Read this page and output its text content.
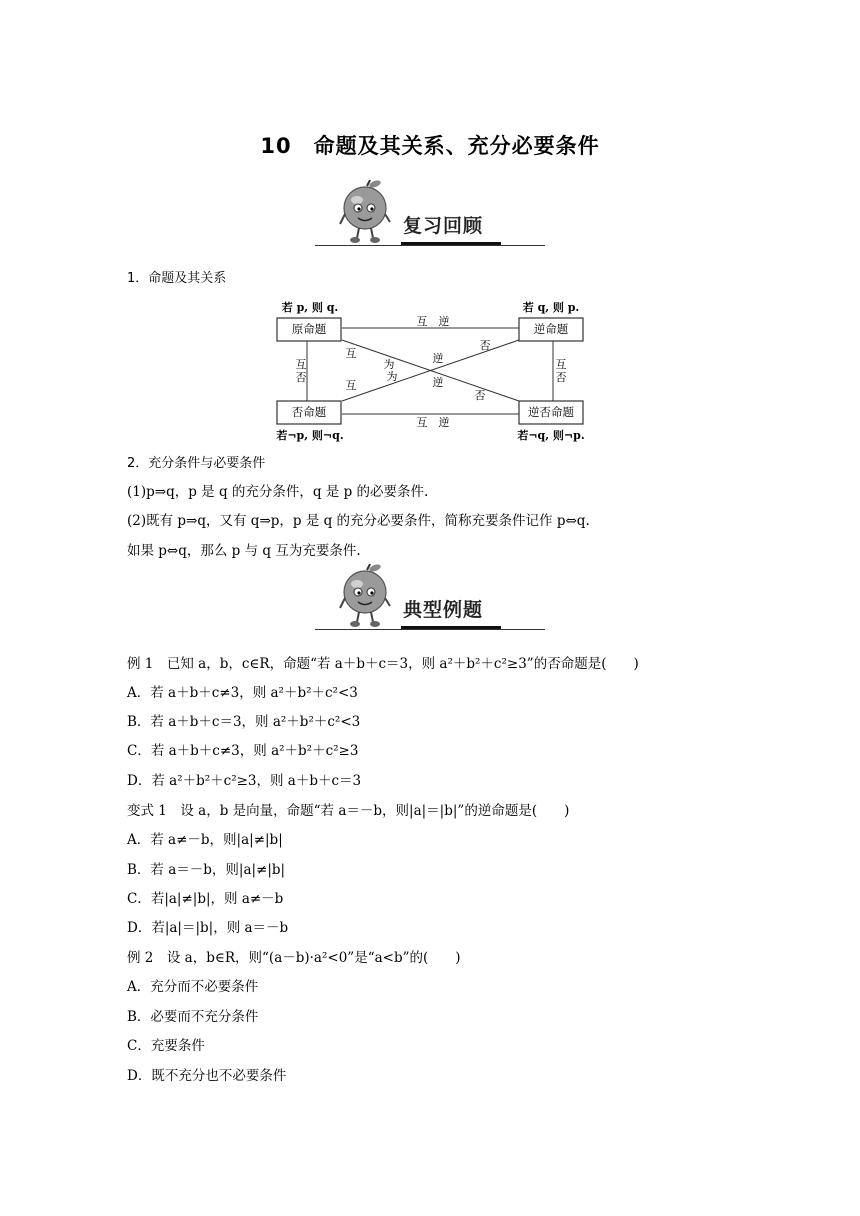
10　命题及其关系、充分必要条件
复习回顾
1．命题及其关系
若 p, 则 q.	若 q, 则 p.
若¬p, 则¬q.	若¬q, 则¬p.
原命题	逆命题
否命题	逆否命题
互　逆
互　逆
互
否
互
否
互
互
为
为
逆
逆
否
否
2．充分条件与必要条件
(1)p⇒q，p 是 q 的充分条件，q 是 p 的必要条件.
(2)既有 p⇒q，又有 q⇒p，p 是 q 的充分必要条件，简称充要条件记作 p⇔q.
如果 p⇔q，那么 p 与 q 互为充要条件.
典型例题
例 1　已知 a，b，c∈R，命题“若 a＋b＋c＝3，则 a²＋b²＋c²≥3”的否命题是(　　)
A．若 a＋b＋c≠3，则 a²＋b²＋c²<3
B．若 a＋b＋c＝3，则 a²＋b²＋c²<3
C．若 a＋b＋c≠3，则 a²＋b²＋c²≥3
D．若 a²＋b²＋c²≥3，则 a＋b＋c＝3
变式 1　设 a，b 是向量，命题“若 a＝－b，则|a|＝|b|”的逆命题是(　　)
A．若 a≠－b，则|a|≠|b|
B．若 a＝－b，则|a|≠|b|
C．若|a|≠|b|，则 a≠－b
D．若|a|＝|b|，则 a＝－b
例 2　设 a，b∈R，则“(a－b)·a²<0”是“a<b”的(　　)
A．充分而不必要条件
B．必要而不充分条件
C．充要条件
D．既不充分也不必要条件
